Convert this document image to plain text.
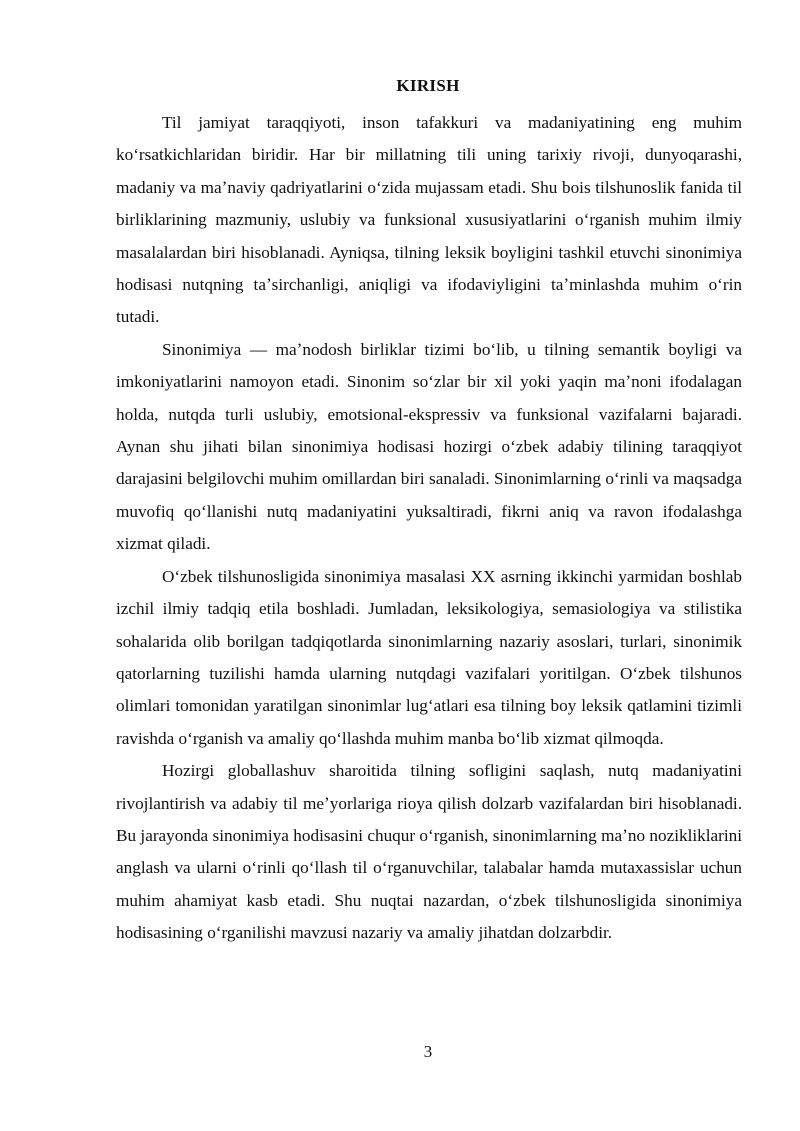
KIRISH

Til jamiyat taraqqiyoti, inson tafakkuri va madaniyatining eng muhim koʻrsatkichlaridan biridir. Har bir millatning tili uning tarixiy rivoji, dunyoqarashi, madaniy va maʼnaviy qadriyatlarini oʻzida mujassam etadi. Shu bois tilshunoslik fanida til birliklarining mazmuniy, uslubiy va funksional xususiyatlarini oʻrganish muhim ilmiy masalalardan biri hisoblanadi. Ayniqsa, tilning leksik boyligini tashkil etuvchi sinonimiya hodisasi nutqning taʼsirchanligi, aniqligi va ifodaviyligini taʼminlashda muhim oʻrin tutadi.

Sinonimiya — maʼnodosh birliklar tizimi boʻlib, u tilning semantik boyligi va imkoniyatlarini namoyon etadi. Sinonim soʻzlar bir xil yoki yaqin maʼnoni ifodalagan holda, nutqda turli uslubiy, emotsional-ekspressiv va funksional vazifalarni bajaradi. Aynan shu jihati bilan sinonimiya hodisasi hozirgi oʻzbek adabiy tilining taraqqiyot darajasini belgilovchi muhim omillardan biri sanaladi. Sinonimlarning oʻrinli va maqsadga muvofiq qoʻllanishi nutq madaniyatini yuksaltiradi, fikrni aniq va ravon ifodalashga xizmat qiladi.

Oʻzbek tilshunosligida sinonimiya masalasi XX asrning ikkinchi yarmidan boshlab izchil ilmiy tadqiq etila boshladi. Jumladan, leksikologiya, semasiologiya va stilistika sohalarida olib borilgan tadqiqotlarda sinonimlarning nazariy asoslari, turlari, sinonimik qatorlarning tuzilishi hamda ularning nutqdagi vazifalari yoritilgan. Oʻzbek tilshunos olimlari tomonidan yaratilgan sinonimlar lugʻatlari esa tilning boy leksik qatlamini tizimli ravishda oʻrganish va amaliy qoʻllashda muhim manba boʻlib xizmat qilmoqda.

Hozirgi globallashuv sharoitida tilning sofligini saqlash, nutq madaniyatini rivojlantirish va adabiy til meʼyorlariga rioya qilish dolzarb vazifalardan biri hisoblanadi. Bu jarayonda sinonimiya hodisasini chuqur oʻrganish, sinonimlarning maʼno nozikliklarini anglash va ularni oʻrinli qoʻllash til oʻrganuvchilar, talabalar hamda mutaxassislar uchun muhim ahamiyat kasb etadi. Shu nuqtai nazardan, oʻzbek tilshunosligida sinonimiya hodisasining oʻrganilishi mavzusi nazariy va amaliy jihatdan dolzarbdir.

3
